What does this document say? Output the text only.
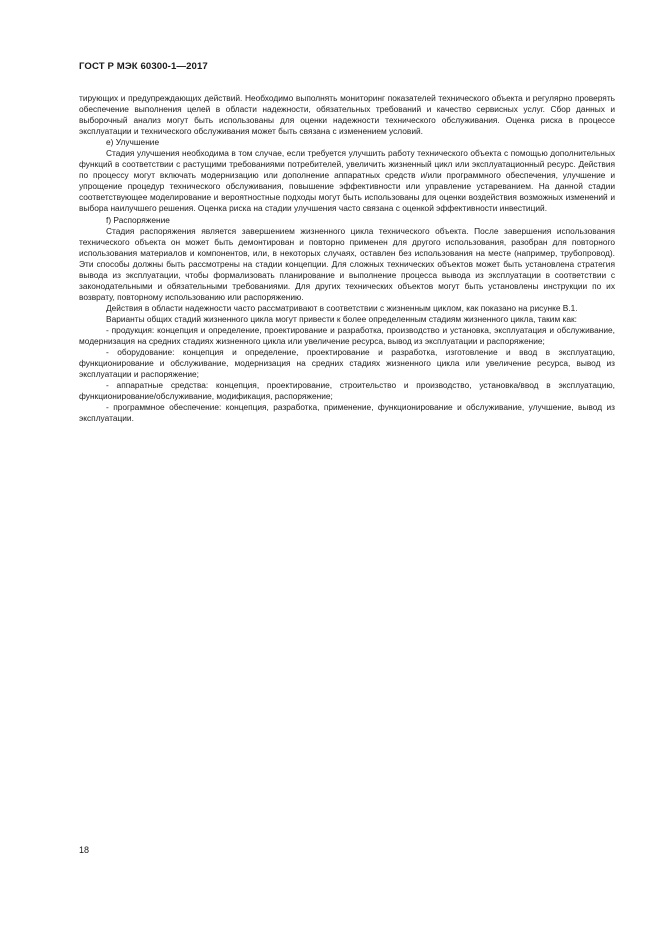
ГОСТ Р МЭК 60300-1—2017

тирующих и предупреждающих действий. Необходимо выполнять мониторинг показателей технического объекта и регулярно проверять обеспечение выполнения целей в области надежности, обязательных требований и качество сервисных услуг. Сбор данных и выборочный анализ могут быть использованы для оценки надежности технического обслуживания. Оценка риска в процессе эксплуатации и технического обслуживания может быть связана с изменением условий.

e) Улучшение

Стадия улучшения необходима в том случае, если требуется улучшить работу технического объекта с помощью дополнительных функций в соответствии с растущими требованиями потребителей, увеличить жизненный цикл или эксплуатационный ресурс. Действия по процессу могут включать модернизацию или дополнение аппаратных средств и/или программного обеспечения, улучшение и упрощение процедур технического обслуживания, повышение эффективности или управление устареванием. На данной стадии соответствующее моделирование и вероятностные подходы могут быть использованы для оценки воздействия возможных изменений и выбора наилучшего решения. Оценка риска на стадии улучшения часто связана с оценкой эффективности инвестиций.

f) Распоряжение

Стадия распоряжения является завершением жизненного цикла технического объекта. После завершения использования технического объекта он может быть демонтирован и повторно применен для другого использования, разобран для повторного использования материалов и компонентов, или, в некоторых случаях, оставлен без использования на месте (например, трубопровод). Эти способы должны быть рассмотрены на стадии концепции. Для сложных технических объектов может быть установлена стратегия вывода из эксплуатации, чтобы формализовать планирование и выполнение процесса вывода из эксплуатации в соответствии с законодательными и обязательными требованиями. Для других технических объектов могут быть установлены инструкции по их возврату, повторному использованию или распоряжению.

Действия в области надежности часто рассматривают в соответствии с жизненным циклом, как показано на рисунке В.1.

Варианты общих стадий жизненного цикла могут привести к более определенным стадиям жизненного цикла, таким как:

- продукция: концепция и определение, проектирование и разработка, производство и установка, эксплуатация и обслуживание, модернизация на средних стадиях жизненного цикла или увеличение ресурса, вывод из эксплуатации и распоряжение;

- оборудование: концепция и определение, проектирование и разработка, изготовление и ввод в эксплуатацию, функционирование и обслуживание, модернизация на средних стадиях жизненного цикла или увеличение ресурса, вывод из эксплуатации и распоряжение;

- аппаратные средства: концепция, проектирование, строительство и производство, установка/ввод в эксплуатацию, функционирование/обслуживание, модификация, распоряжение;

- программное обеспечение: концепция, разработка, применение, функционирование и обслуживание, улучшение, вывод из эксплуатации.

18
